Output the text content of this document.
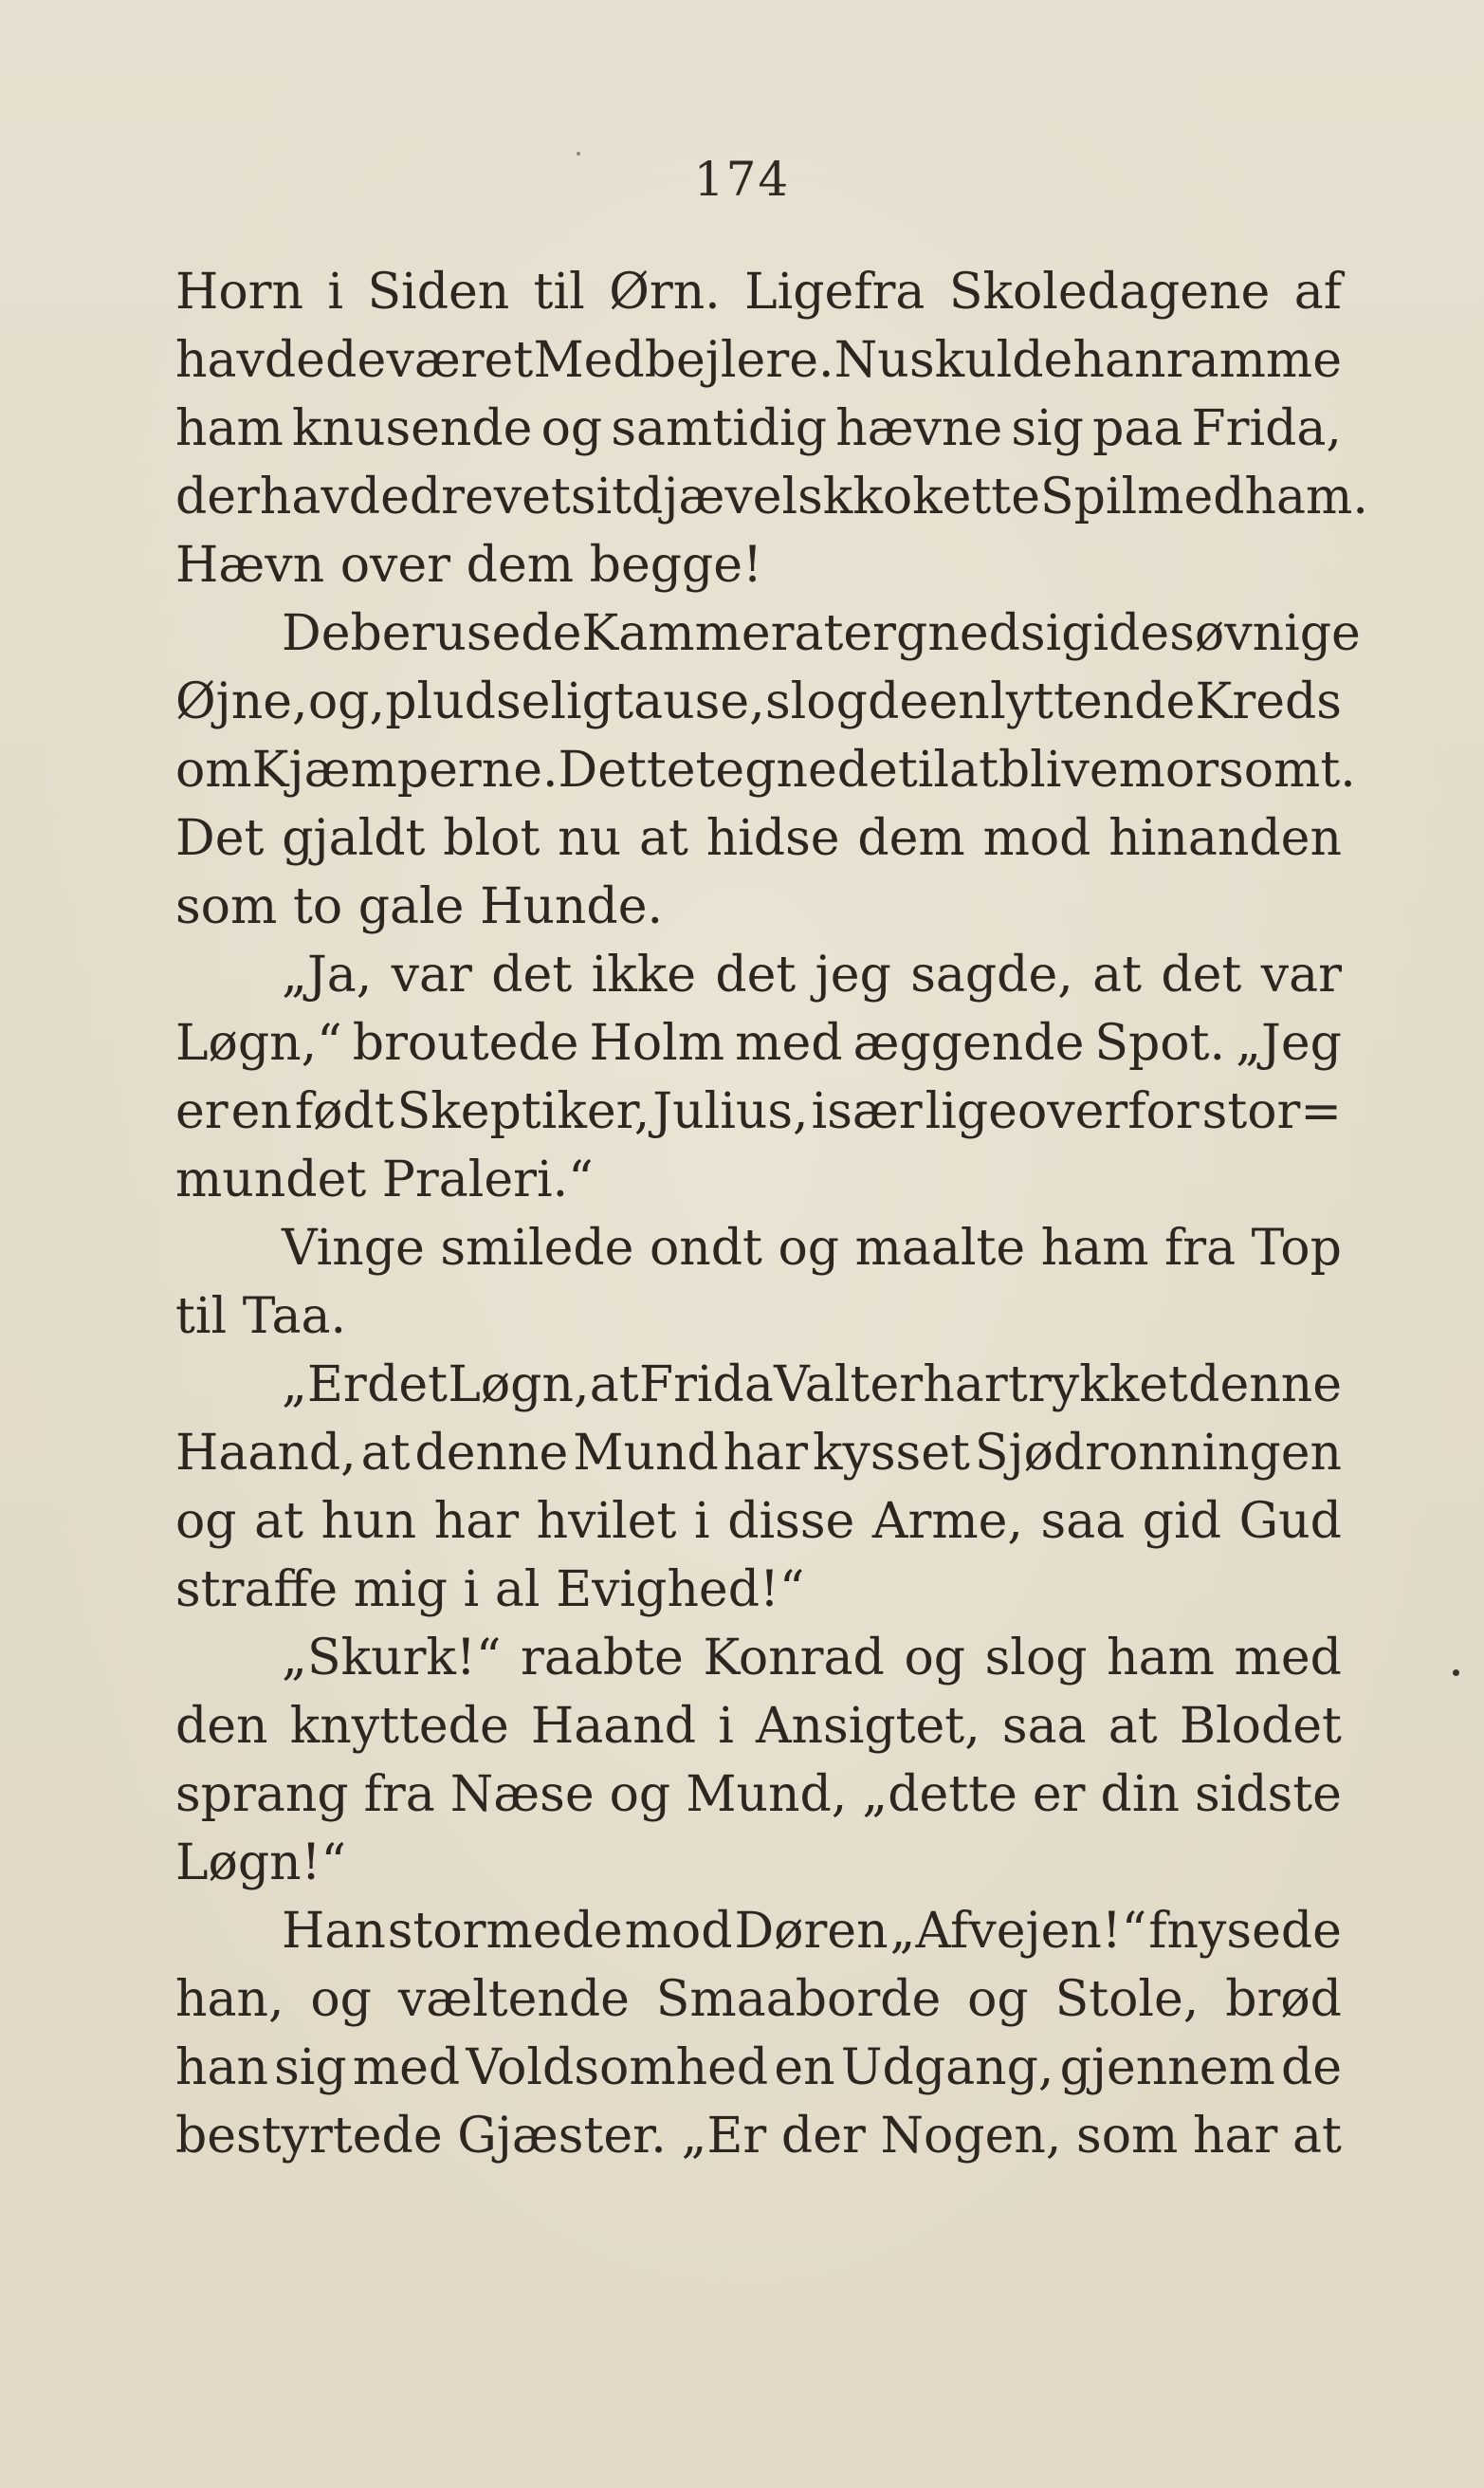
174
Horn i Siden til Ørn. Ligefra Skoledagene af
havde de været Medbejlere. Nu skulde han ramme
ham knusende og samtidig hævne sig paa Frida,
der havde drevet sit djævelsk kokette Spil med ham.
Hævn over dem begge!
De berusede Kammerater gned sig i de søvnige
Øjne, og, pludselig tause, slog de en lyttende Kreds
om Kjæmperne. Dette tegnede til at blive morsomt.
Det gjaldt blot nu at hidse dem mod hinanden
som to gale Hunde.
„Ja, var det ikke det jeg sagde, at det var
Løgn,“ broutede Holm med æggende Spot. „Jeg
er en født Skeptiker, Julius, især ligeoverfor stor=
mundet Praleri.“
Vinge smilede ondt og maalte ham fra Top
til Taa.
„Er det Løgn, at Frida Valter har trykket denne
Haand, at denne Mund har kysset Sjødronningen
og at hun har hvilet i disse Arme, saa gid Gud
straffe mig i al Evighed!“
„Skurk!“ raabte Konrad og slog ham med
den knyttede Haand i Ansigtet, saa at Blodet
sprang fra Næse og Mund, „dette er din sidste
Løgn!“
Han stormede mod Døren „Afvejen!“ fnysede
han, og væltende Smaaborde og Stole, brød
han sig med Voldsomhed en Udgang, gjennem de
bestyrtede Gjæster. „Er der Nogen, som har at
